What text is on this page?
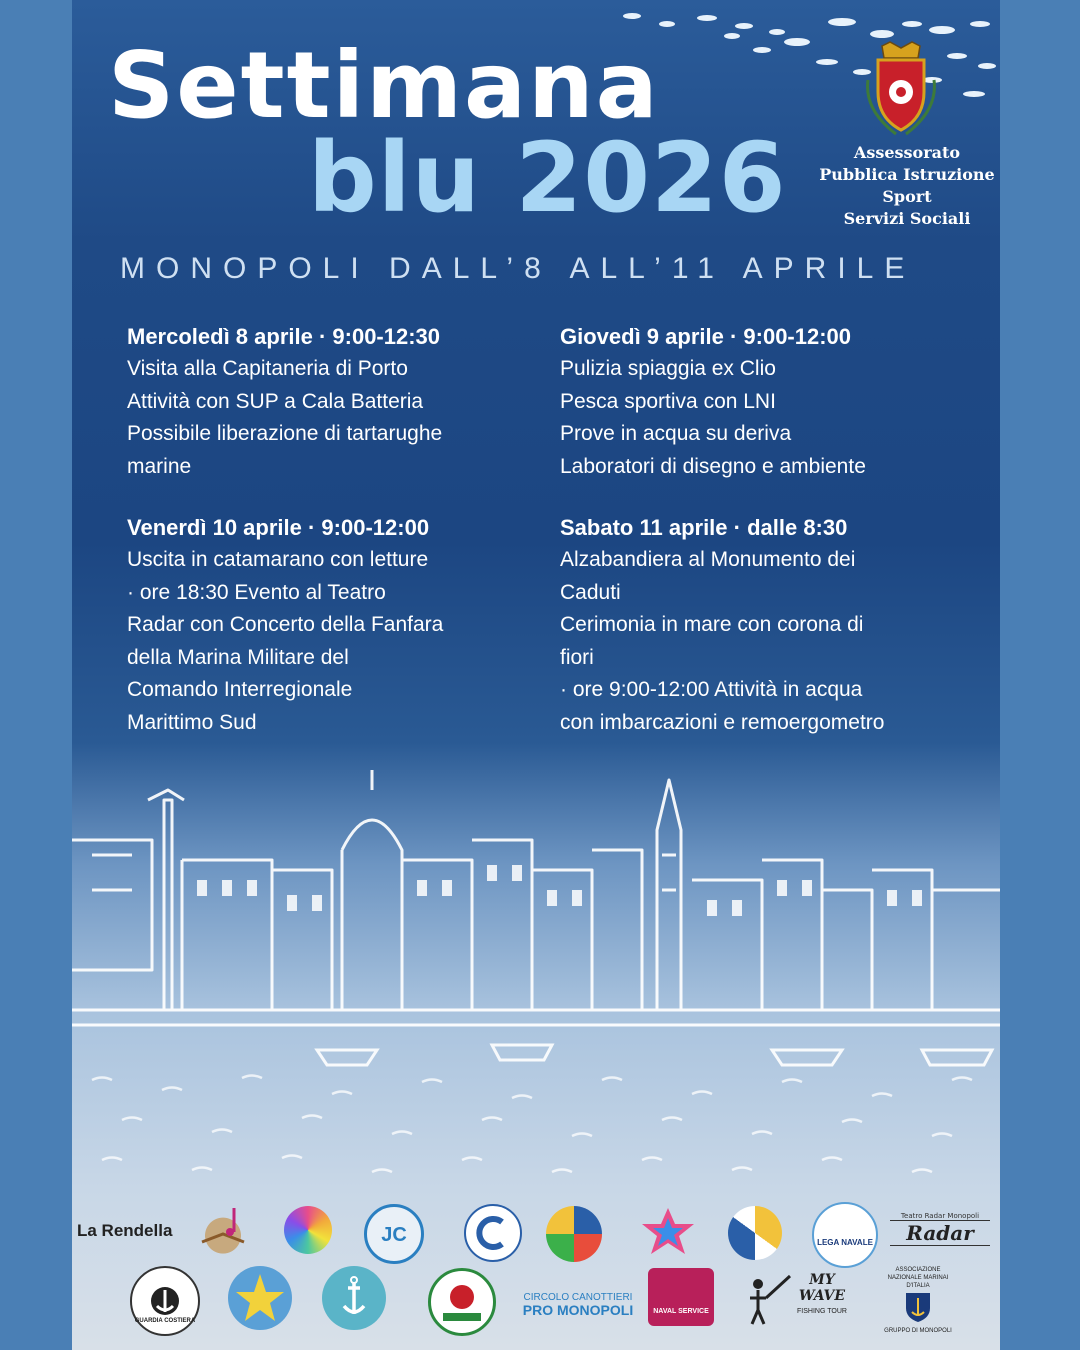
Settimana
blu 2026	Assessorato
Pubblica Istruzione
Sport
Servizi Sociali
MONOPOLI DALL’8 ALL’11 APRILE
Mercoledì 8 aprile · 9:00-12:30
Visita alla Capitaneria di Porto
Attività con SUP a Cala Batteria
Possibile liberazione di tartarughe
marine
Giovedì 9 aprile · 9:00-12:00
Pulizia spiaggia ex Clio
Pesca sportiva con LNI
Prove in acqua su deriva
Laboratori di disegno e ambiente
Venerdì 10 aprile · 9:00-12:00
Uscita in catamarano con letture
· ore 18:30 Evento al Teatro
Radar con Concerto della Fanfara
della Marina Militare del
Comando Interregionale
Marittimo Sud
Sabato 11 aprile · dalle 8:30
Alzabandiera al Monumento dei
Caduti
Cerimonia in mare con corona di
fiori
· ore 9:00-12:00 Attività in acqua
con imbarcazioni e remoergometro
La Rendella	JC	LEGA NAVALE
Teatro Radar Monopoli
Radar
GUARDIA COSTIERA
CIRCOLO CANOTTIERI
PRO MONOPOLI	NAVAL SERVICE
MY
WAVE
FISHING TOUR
ASSOCIAZIONE NAZIONALE MARINAI D'ITALIA
GRUPPO DI MONOPOLI
